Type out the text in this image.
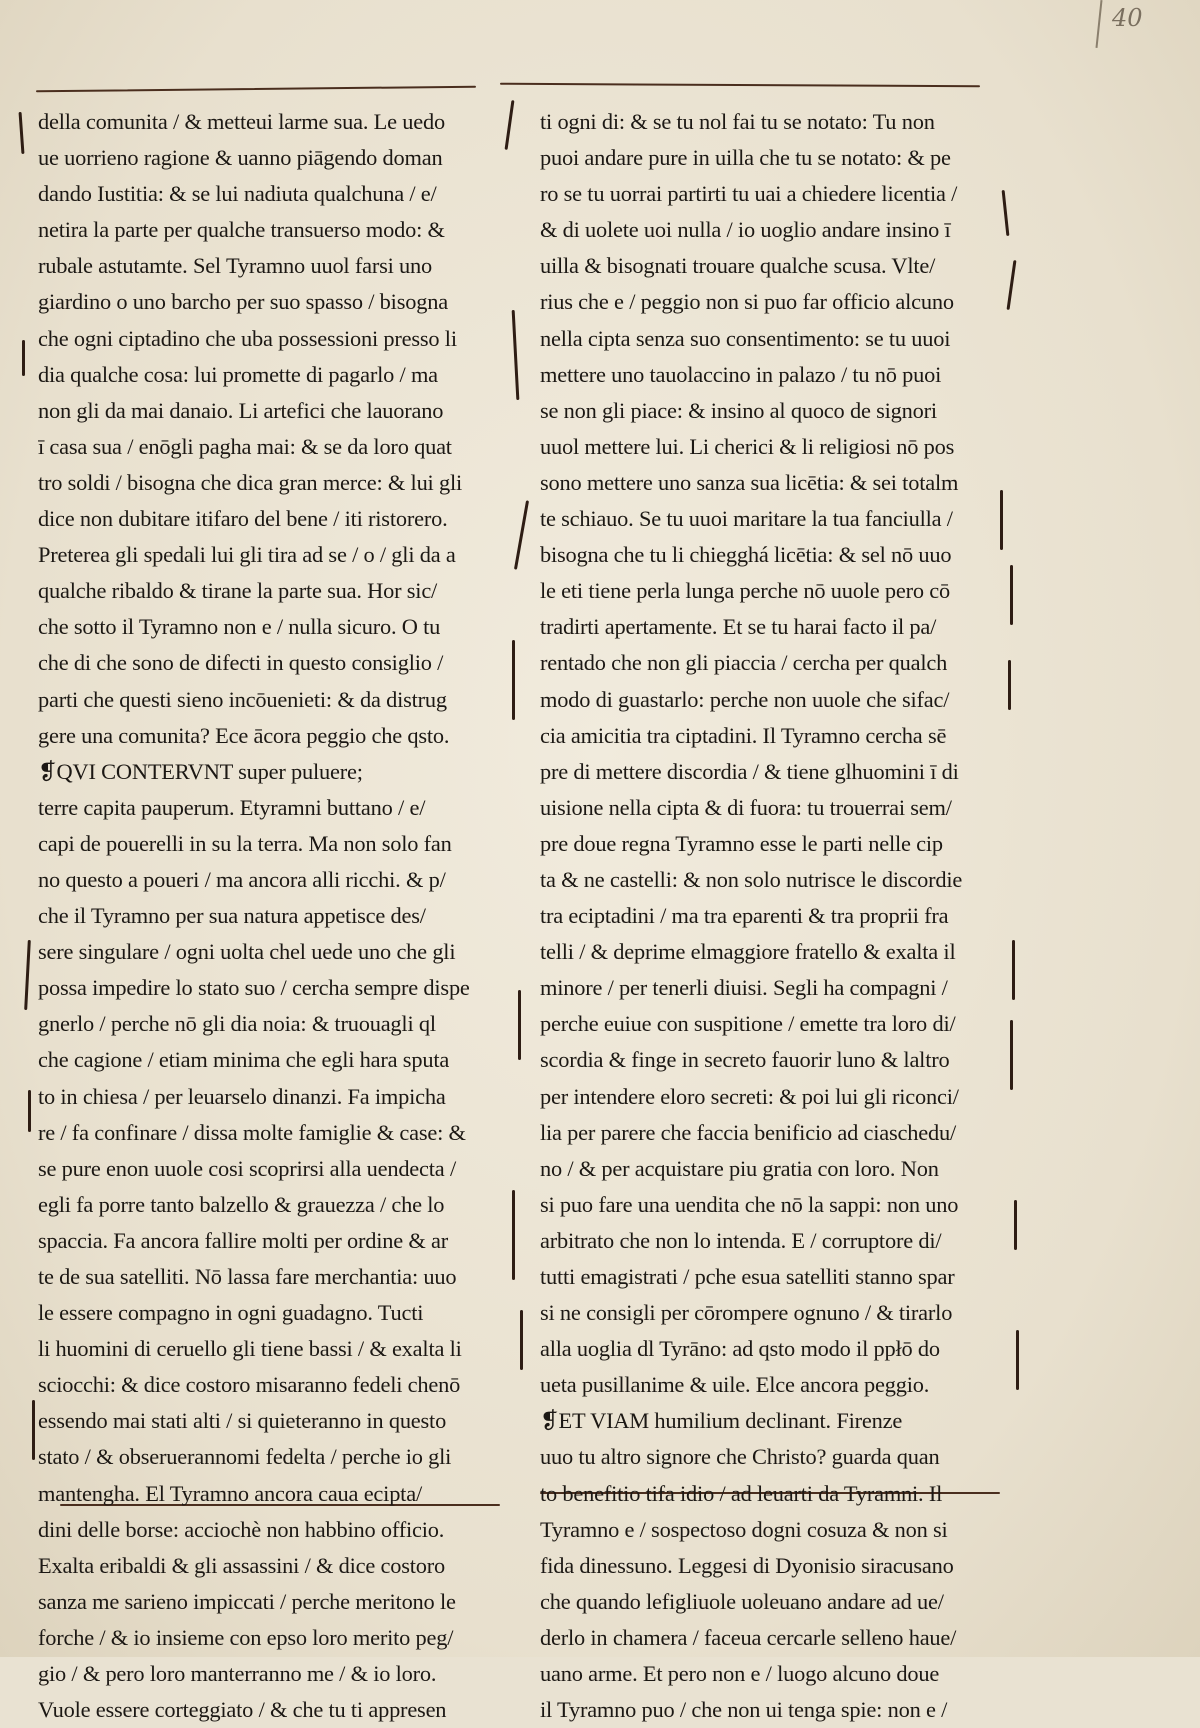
40
della comunita / & metteui larme sua. Le uedo
ue uorrieno ragione & uanno piāgendo doman
dando Iustitia: & se lui nadiuta qualchuna / e/
netira la parte per qualche transuerso modo: &
rubale astutamte. Sel Tyramno uuol farsi uno
giardino o uno barcho per suo spasso / bisogna
che ogni ciptadino che uba possessioni presso li
dia qualche cosa: lui promette di pagarlo / ma
non gli da mai danaio. Li artefici che lauorano
ī casa sua / enōgli pagha mai: & se da loro quat
tro soldi / bisogna che dica gran merce: & lui gli
dice non dubitare itifaro del bene / iti ristorero.
Preterea gli spedali lui gli tira ad se / o / gli da a
qualche ribaldo & tirane la parte sua. Hor sic/
che sotto il Tyramno non e / nulla sicuro. O tu
che di che sono de difecti in questo consiglio /
parti che questi sieno incōuenieti: & da distrug
gere una comunita? Ece ācora peggio che qsto.
❡QVI CONTERVNT super puluere;
terre capita pauperum. Etyramni buttano / e/
capi de pouerelli in su la terra. Ma non solo fan
no questo a poueri / ma ancora alli ricchi. & p/
che il Tyramno per sua natura appetisce des/
sere singulare / ogni uolta chel uede uno che gli
possa impedire lo stato suo / cercha sempre dispe
gnerlo / perche nō gli dia noia: & truouagli ql
che cagione / etiam minima che egli hara sputa
to in chiesa / per leuarselo dinanzi. Fa impicha
re / fa confinare / dissa molte famiglie & case: &
se pure enon uuole cosi scoprirsi alla uendecta /
egli fa porre tanto balzello & grauezza / che lo
spaccia. Fa ancora fallire molti per ordine & ar
te de sua satelliti. Nō lassa fare merchantia: uuo
le essere compagno in ogni guadagno. Tucti
li huomini di ceruello gli tiene bassi / & exalta li
sciocchi: & dice costoro misaranno fedeli chenō
essendo mai stati alti / si quieteranno in questo
stato / & obseruerannomi fedelta / perche io gli
mantengha. El Tyramno ancora caua ecipta/
dini delle borse: acciochè non habbino officio.
Exalta eribaldi & gli assassini / & dice costoro
sanza me sarieno impiccati / perche meritono le
forche / & io insieme con epso loro merito peg/
gio / & pero loro manterranno me / & io loro.
Vuole essere corteggiato / & che tu ti appresen
ti ogni di: & se tu nol fai tu se notato: Tu non
puoi andare pure in uilla che tu se notato: & pe
ro se tu uorrai partirti tu uai a chiedere licentia /
& di uolete uoi nulla / io uoglio andare insino ī
uilla & bisognati trouare qualche scusa. Vlte/
rius che e / peggio non si puo far officio alcuno
nella cipta senza suo consentimento: se tu uuoi
mettere uno tauolaccino in palazo / tu nō puoi
se non gli piace: & insino al quoco de signori
uuol mettere lui. Li cherici & li religiosi nō pos
sono mettere uno sanza sua licētia: & sei totalm
te schiauo. Se tu uuoi maritare la tua fanciulla /
bisogna che tu li chiegghá licētia: & sel nō uuo
le eti tiene perla lunga perche nō uuole pero cō
tradirti apertamente. Et se tu harai facto il pa/
rentado che non gli piaccia / cercha per qualch
modo di guastarlo: perche non uuole che sifac/
cia amicitia tra ciptadini. Il Tyramno cercha sē
pre di mettere discordia / & tiene glhuomini ī di
uisione nella cipta & di fuora: tu trouerrai sem/
pre doue regna Tyramno esse le parti nelle cip
ta & ne castelli: & non solo nutrisce le discordie
tra eciptadini / ma tra eparenti & tra proprii fra
telli / & deprime elmaggiore fratello & exalta il
minore / per tenerli diuisi. Segli ha compagni /
perche euiue con suspitione / emette tra loro di/
scordia & finge in secreto fauorir luno & laltro
per intendere eloro secreti: & poi lui gli riconci/
lia per parere che faccia benificio ad ciaschedu/
no / & per acquistare piu gratia con loro. Non
si puo fare una uendita che nō la sappi: non uno
arbitrato che non lo intenda. E / corruptore di/
tutti emagistrati / pche esua satelliti stanno spar
si ne consigli per cōrompere ognuno / & tirarlo
alla uoglia dl Tyrāno: ad qsto modo il ppłō do
ueta pusillanime & uile. Elce ancora peggio.
❡ET VIAM humilium declinant. Firenze
uuo tu altro signore che Christo? guarda quan
to benefitio tifa idio / ad leuarti da Tyramni. Il
Tyramno e / sospectoso dogni cosuza & non si
fida dinessuno. Leggesi di Dyonisio siracusano
che quando lefigliuole uoleuano andare ad ue/
derlo in chamera / faceua cercarle selleno haue/
uano arme. Et pero non e / luogo alcuno doue
il Tyramno puo / che non ui tenga spie: non e /
